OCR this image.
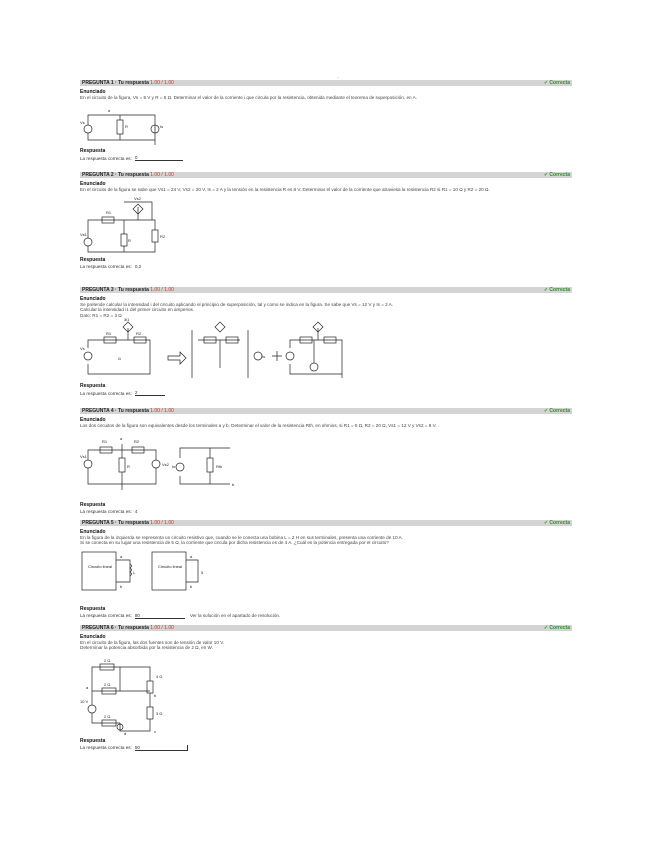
-
PREGUNTA 1 · Tu respuesta 1.00 / 1.00	✓ Correcta
Enunciado
En el circuito de la figura, Vs = 5 V y R = 5 Ω. Determinar el valor de la corriente i que circula por la resistencia, obtenida mediante el teorema de superposición, en A.
a
R
Vs
Is
Respuesta
La respuesta correcta es: 0
PREGUNTA 2 · Tu respuesta 1.00 / 1.00	✓ Correcta
Enunciado
En el circuito de la figura se sabe que Vs1 = 24 V, Vs2 = 20 V, Is = 2 A y la tensión en la resistencia R es 8 V. Determinar el valor de la corriente que atraviesa la resistencia R2 si R1 = 10 Ω y R2 = 20 Ω.
R1
Vs2
R
R2
Vs1
Respuesta
La respuesta correcta es: 0,2
PREGUNTA 3 · Tu respuesta 1.00 / 1.00	✓ Correcta
Enunciado
Se pretende calcular la intensidad i del circuito aplicando el principio de superposición, tal y como se indica en la figura. Se sabe que Vs = 12 V y Is = 2 A.
Calcular la intensidad i1 del primer circuito en amperios.
Dato: R1 = R2 = 3 Ω
3i1
R1	R2
Vs
i1	Is
Respuesta
La respuesta correcta es: 2
PREGUNTA 4 · Tu respuesta 1.00 / 1.00	✓ Correcta
Enunciado
Los dos circuitos de la figura son equivalentes desde los terminales a y b. Determinar el valor de la resistencia Rth, en ohmios, si R1 = 5 Ω, R2 = 20 Ω, Vs1 = 12 V y Vs2 = 8 V.
a
R1	R2
Vs1
R	Vs2
b
Is	Rth
Respuesta
La respuesta correcta es: 4
PREGUNTA 5 · Tu respuesta 1.00 / 1.00	✓ Correcta
Enunciado
En la figura de la izquierda se representa un circuito resistivo que, cuando se le conecta una bobina L = 2 H en sus terminales, presenta una corriente de 10 A.
Si se conecta en su lugar una resistencia de 5 Ω, la corriente que circula por dicha resistencia es de 4 A. ¿Cuál es la potencia entregada por el circuito?
Circuito lineal
L
a
b
Circuito lineal
5
a
b
Respuesta
La respuesta correcta es: 80	Ver la solución en el apartado de resolución.
PREGUNTA 6 · Tu respuesta 1.00 / 1.00	✓ Correcta
Enunciado
En el circuito de la figura, las dos fuentes son de tensión de valor 10 V.
Determinar la potencia absorbida por la resistencia de 2 Ω, en W.
2 Ω
4 Ω
a
2 Ω
b
3 Ω
2 Ω
c
10 V
d
Respuesta
La respuesta correcta es: 50
